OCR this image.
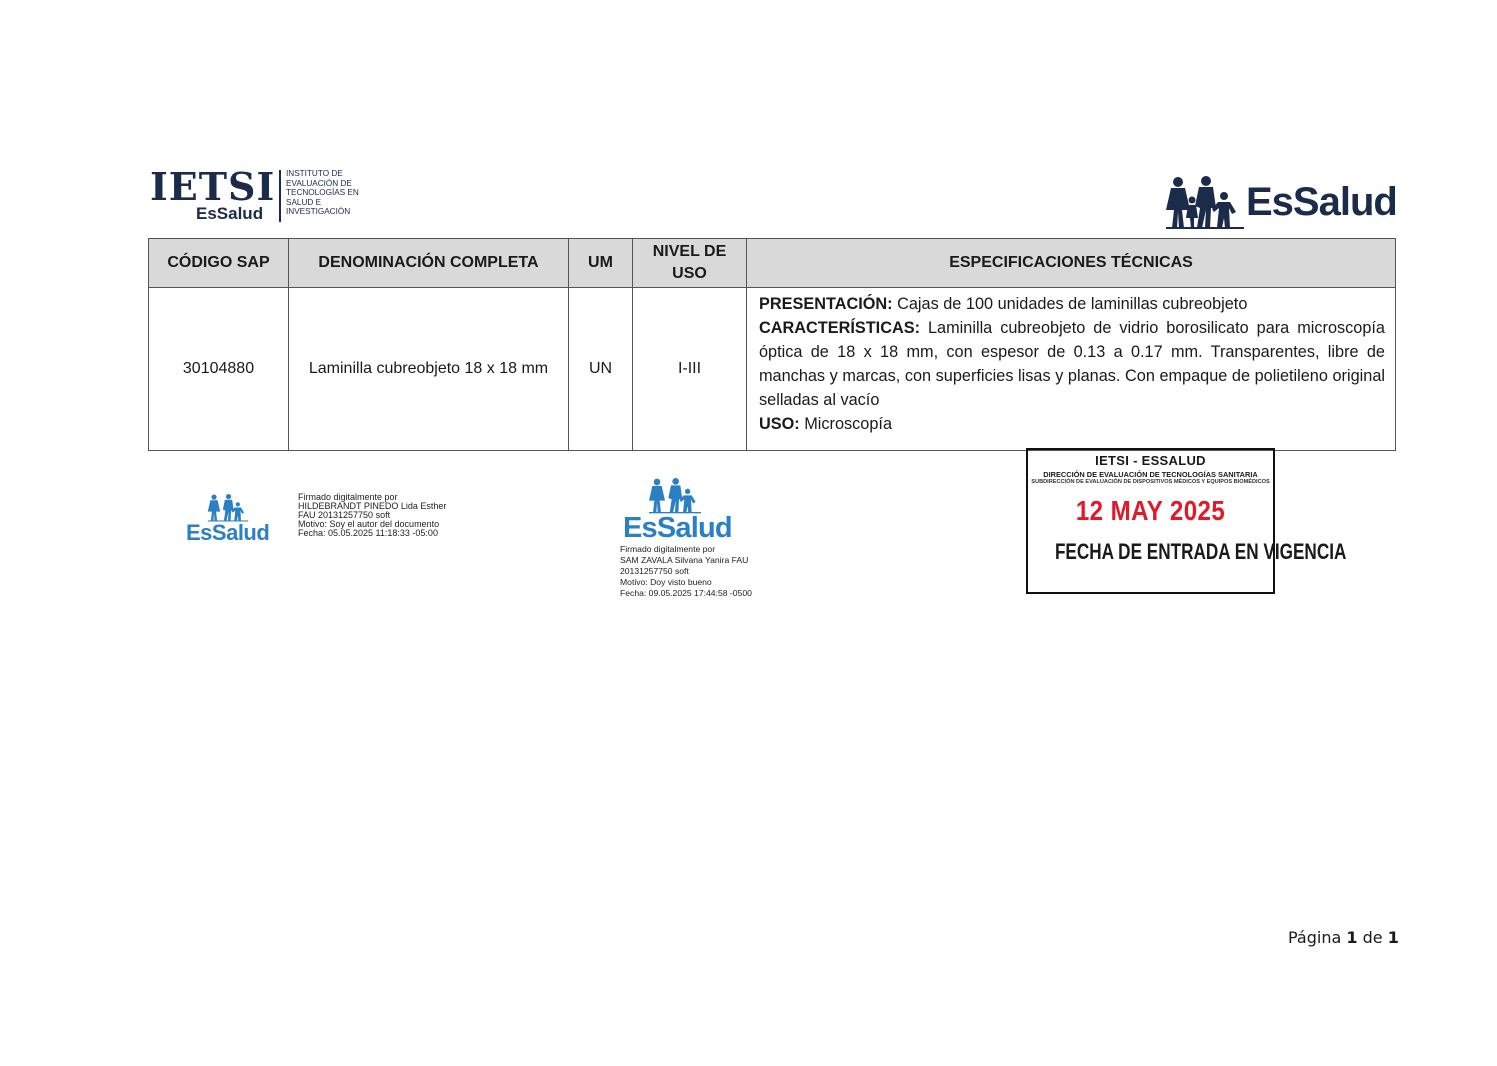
IETSI
EsSalud
INSTITUTO DE
EVALUACIÓN DE
TECNOLOGÍAS EN
SALUD E
INVESTIGACIÓN	EsSalud
CÓDIGO SAP	DENOMINACIÓN COMPLETA	UM	NIVEL DE USO	ESPECIFICACIONES TÉCNICAS
30104880	Laminilla cubreobjeto 18 x 18 mm	UN	I-III	PRESENTACIÓN: Cajas de 100 unidades de laminillas cubreobjeto
CARACTERÍSTICAS: Laminilla cubreobjeto de vidrio borosilicato para microscopía óptica de 18 x 18 mm, con espesor de 0.13 a 0.17 mm. Transparentes, libre de manchas y marcas, con superficies lisas y planas. Con empaque de polietileno original selladas al vacío
USO: Microscopía
EsSalud
Firmado digitalmente por
HILDEBRANDT PINEDO Lida Esther
FAU 20131257750 soft
Motivo: Soy el autor del documento
Fecha: 05.05.2025 11:18:33 -05:00	EsSalud
Firmado digitalmente por
SAM ZAVALA Silvana Yanira FAU
20131257750 soft
Motivo: Doy visto bueno
Fecha: 09.05.2025 17:44:58 -0500
IETSI - ESSALUD
DIRECCIÓN DE EVALUACIÓN DE TECNOLOGÍAS SANITARIA
SUBDIRECCIÓN DE EVALUACIÓN DE DISPOSITIVOS MÉDICOS Y EQUIPOS BIOMÉDICOS
12 MAY 2025
FECHA DE ENTRADA EN VIGENCIA
Página 1 de 1
